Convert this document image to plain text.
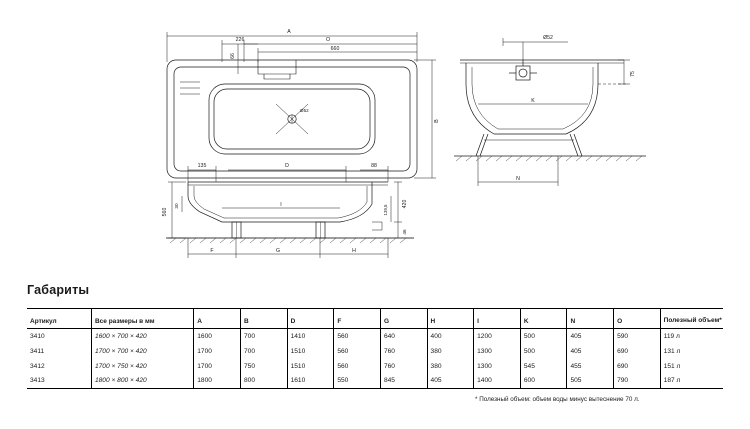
A
O
660
226
66
B
Ø52
135	D	88
560
30	420
139,5
46
I
F	G	H
Ø52
75
K
N
Габариты
Артикул	Все размеры в мм	A	B	D	F	G	H	I	K	N	O	Полезный объем*
3410	1600 × 700 × 420	1600	700	1410	560	640	400	1200	500	405	590	119 л
3411	1700 × 700 × 420	1700	700	1510	560	760	380	1300	500	405	690	131 л
3412	1700 × 750 × 420	1700	750	1510	560	760	380	1300	545	455	690	151 л
3413	1800 × 800 × 420	1800	800	1610	550	845	405	1400	600	505	790	187 л
* Полезный объем: объем воды минус вытеснение 70 л.
